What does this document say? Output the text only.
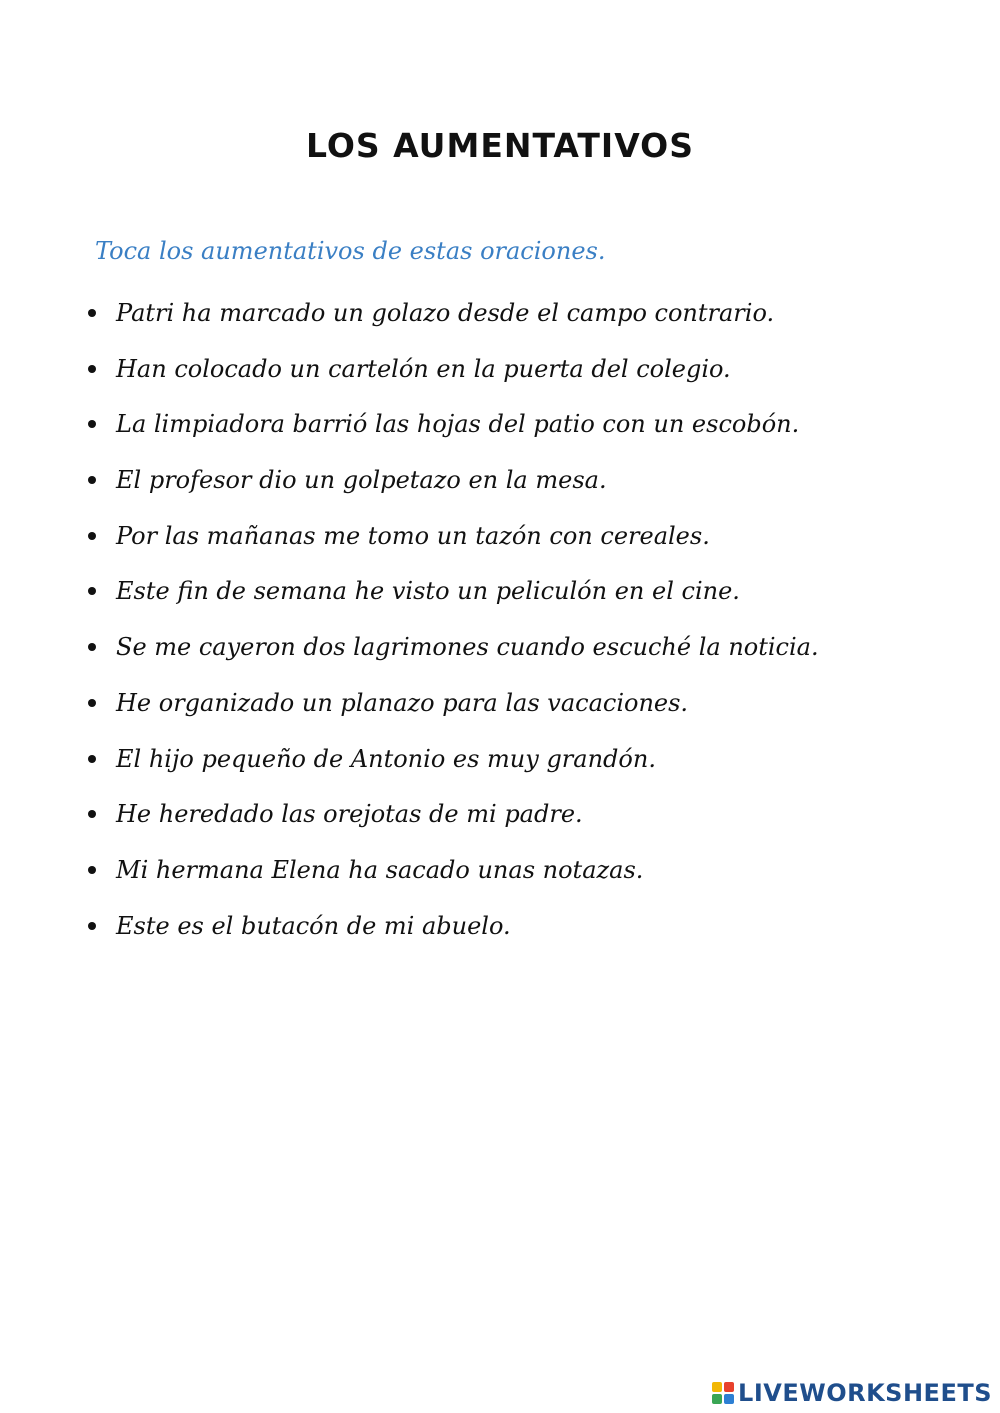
LOS AUMENTATIVOS
Toca los aumentativos de estas oraciones.
Patri ha marcado un golazo desde el campo contrario.
Han colocado un cartelón en la puerta del colegio.
La limpiadora barrió las hojas del patio con un escobón.
El profesor dio un golpetazo en la mesa.
Por las mañanas me tomo un tazón con cereales.
Este fin de semana he visto un peliculón en el cine.
Se me cayeron dos lagrimones cuando escuché la noticia.
He organizado un planazo para las vacaciones.
El hijo pequeño de Antonio es muy grandón.
He heredado las orejotas de mi padre.
Mi hermana Elena ha sacado unas notazas.
Este es el butacón de mi abuelo.
LIVEWORKSHEETS
